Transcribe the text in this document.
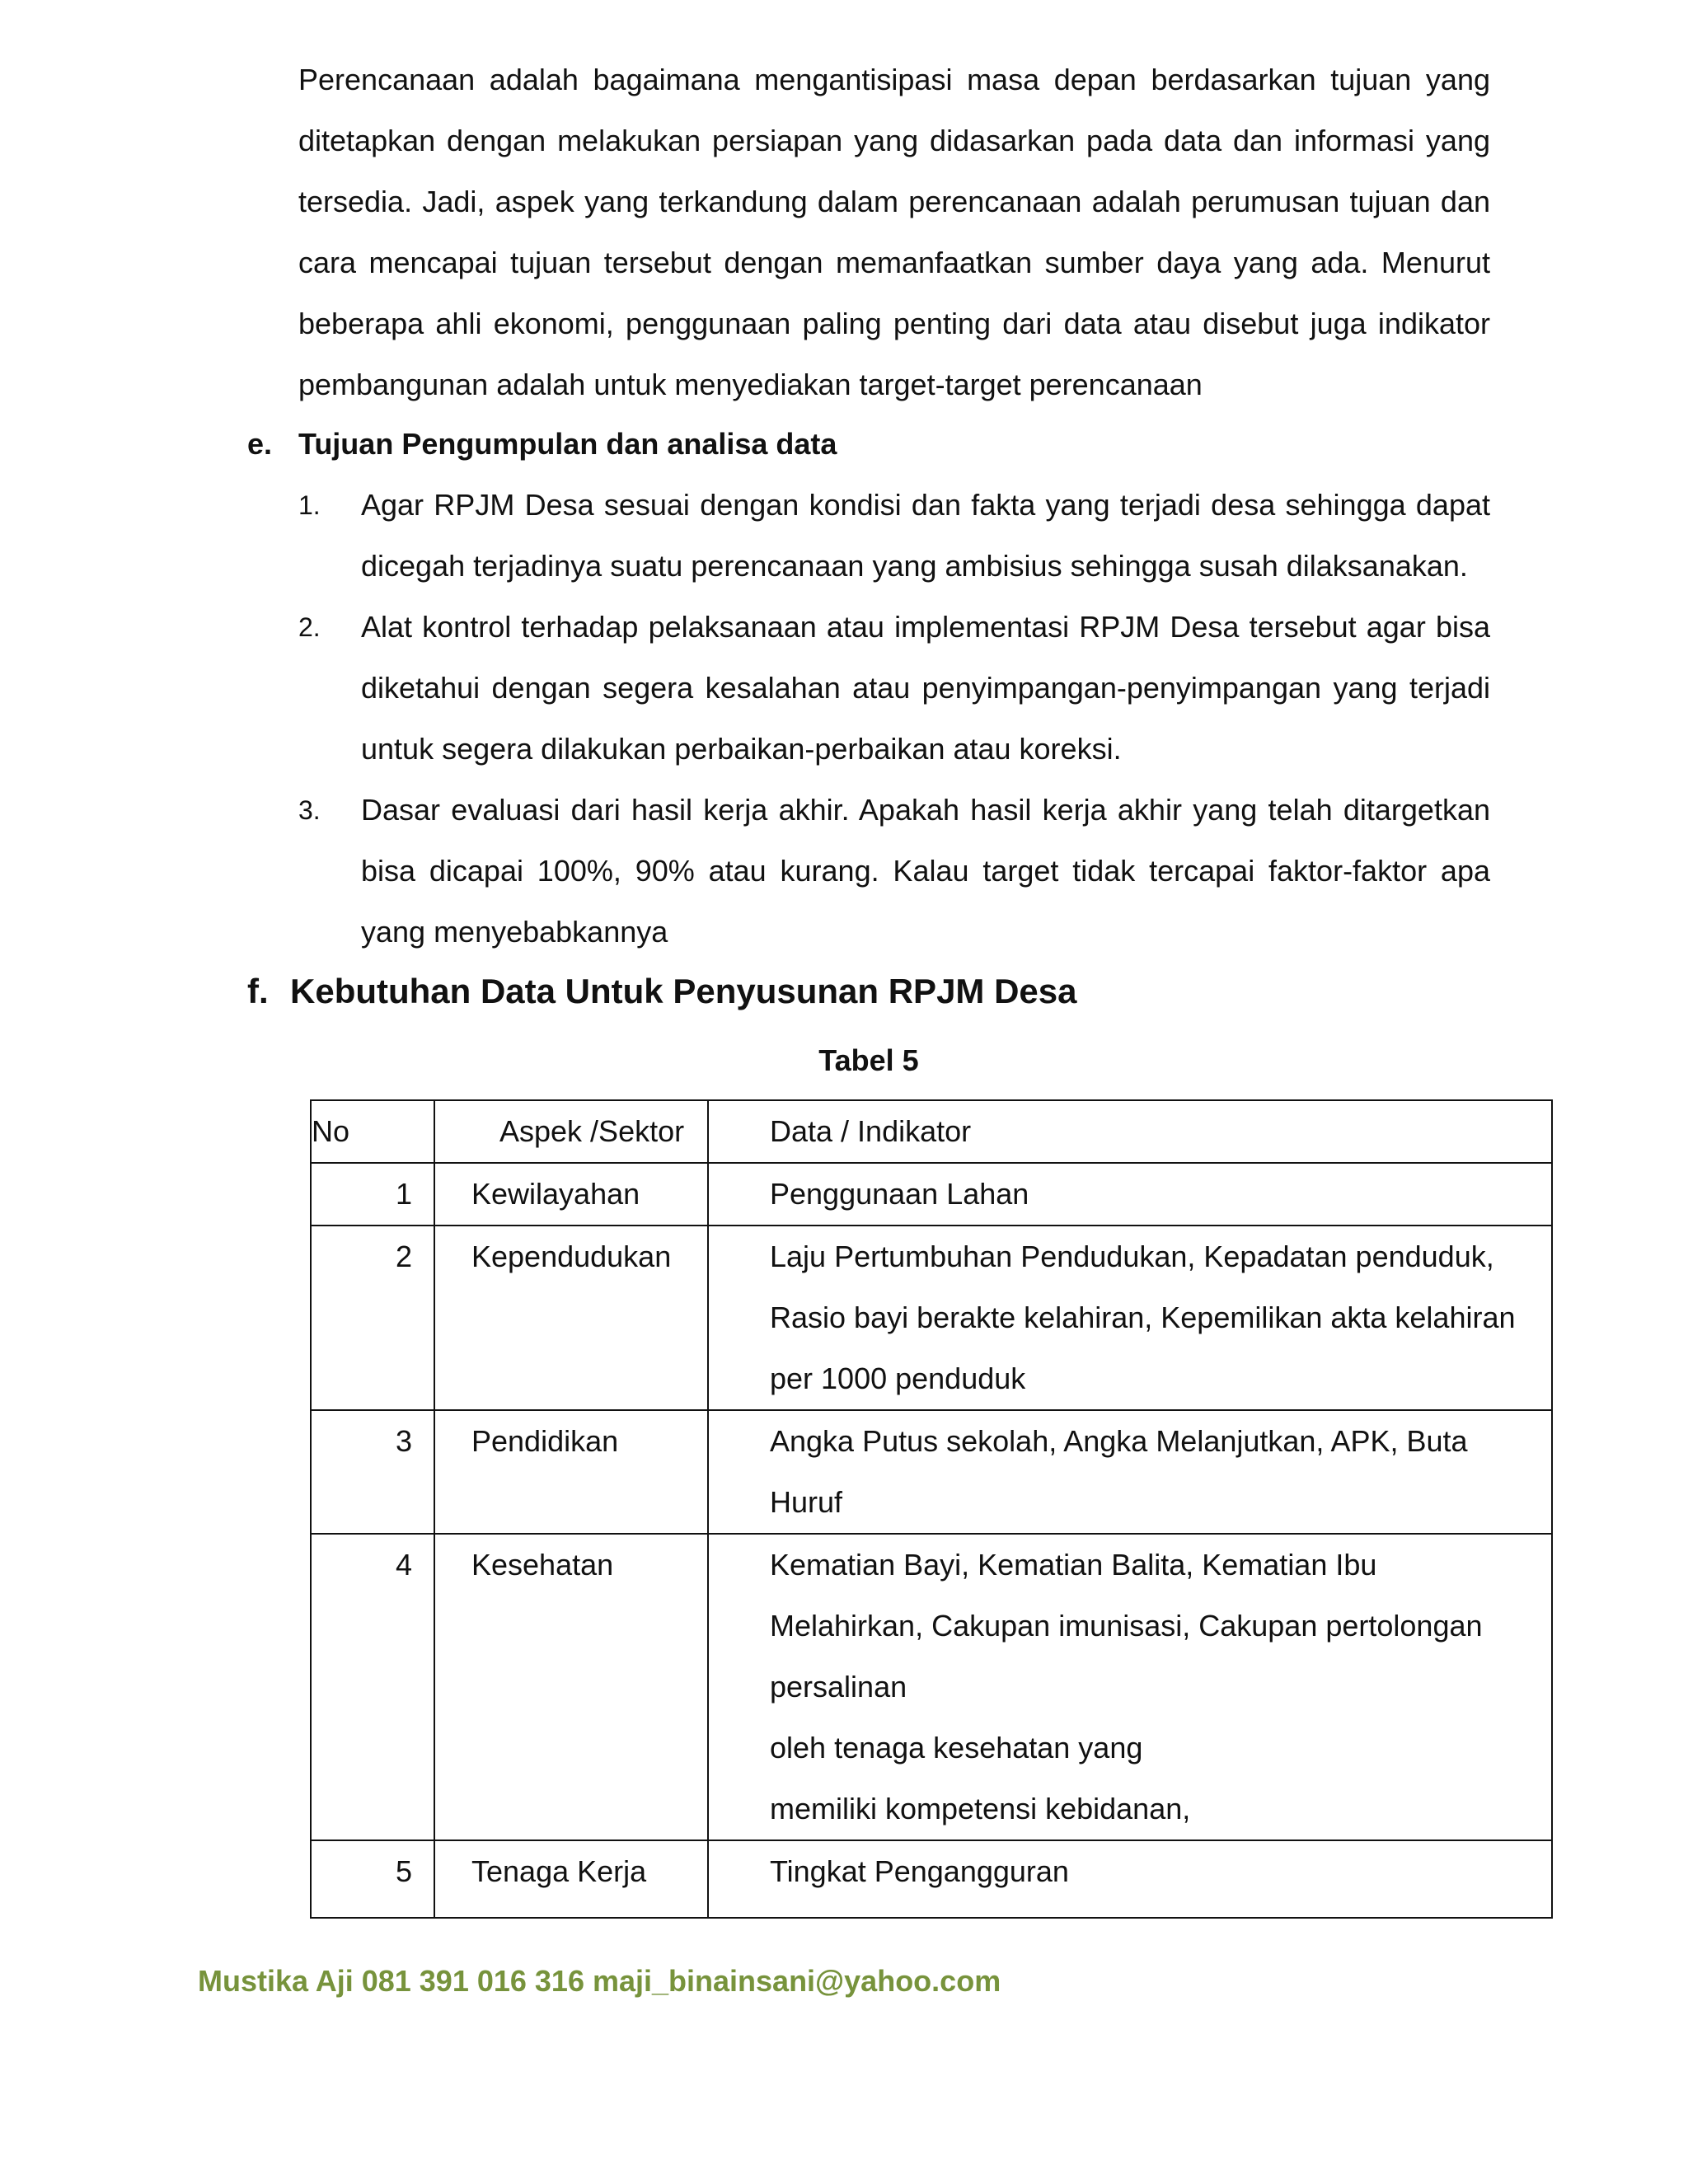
Perencanaan adalah bagaimana mengantisipasi masa depan berdasarkan tujuan yang ditetapkan dengan melakukan persiapan yang didasarkan pada data dan informasi yang tersedia. Jadi, aspek yang terkandung dalam perencanaan adalah perumusan tujuan dan cara mencapai tujuan tersebut dengan memanfaatkan sumber daya yang ada. Menurut beberapa ahli ekonomi, penggunaan paling penting dari data atau disebut juga indikator pembangunan adalah untuk menyediakan target-target perencanaan

e. Tujuan Pengumpulan dan analisa data
1. Agar RPJM Desa sesuai dengan kondisi dan fakta yang terjadi desa sehingga dapat dicegah terjadinya suatu perencanaan yang ambisius sehingga susah dilaksanakan.
2. Alat kontrol terhadap pelaksanaan atau implementasi RPJM Desa tersebut agar bisa diketahui dengan segera kesalahan atau penyimpangan-penyimpangan yang terjadi untuk segera dilakukan perbaikan-perbaikan atau koreksi.
3. Dasar evaluasi dari hasil kerja akhir. Apakah hasil kerja akhir yang telah ditargetkan bisa dicapai 100%, 90% atau kurang. Kalau target tidak tercapai faktor-faktor apa yang menyebabkannya
f. Kebutuhan Data Untuk Penyusunan RPJM Desa
Tabel 5
No	Aspek /Sektor	Data / Indikator
1	Kewilayahan	Penggunaan Lahan

2	Kependudukan	Laju Pertumbuhan Pendudukan, Kepadatan penduduk,
Rasio bayi berakte kelahiran, Kepemilikan akta kelahiran
per 1000 penduduk

3	Pendidikan	Angka Putus sekolah, Angka Melanjutkan, APK, Buta
Huruf

4	Kesehatan	Kematian Bayi, Kematian Balita, Kematian Ibu
Melahirkan, Cakupan imunisasi, Cakupan pertolongan
persalinan
oleh tenaga kesehatan yang
memiliki kompetensi kebidanan,

5	Tenaga Kerja	Tingkat Pengangguran
Mustika Aji 081 391 016 316 maji_binainsani@yahoo.com
